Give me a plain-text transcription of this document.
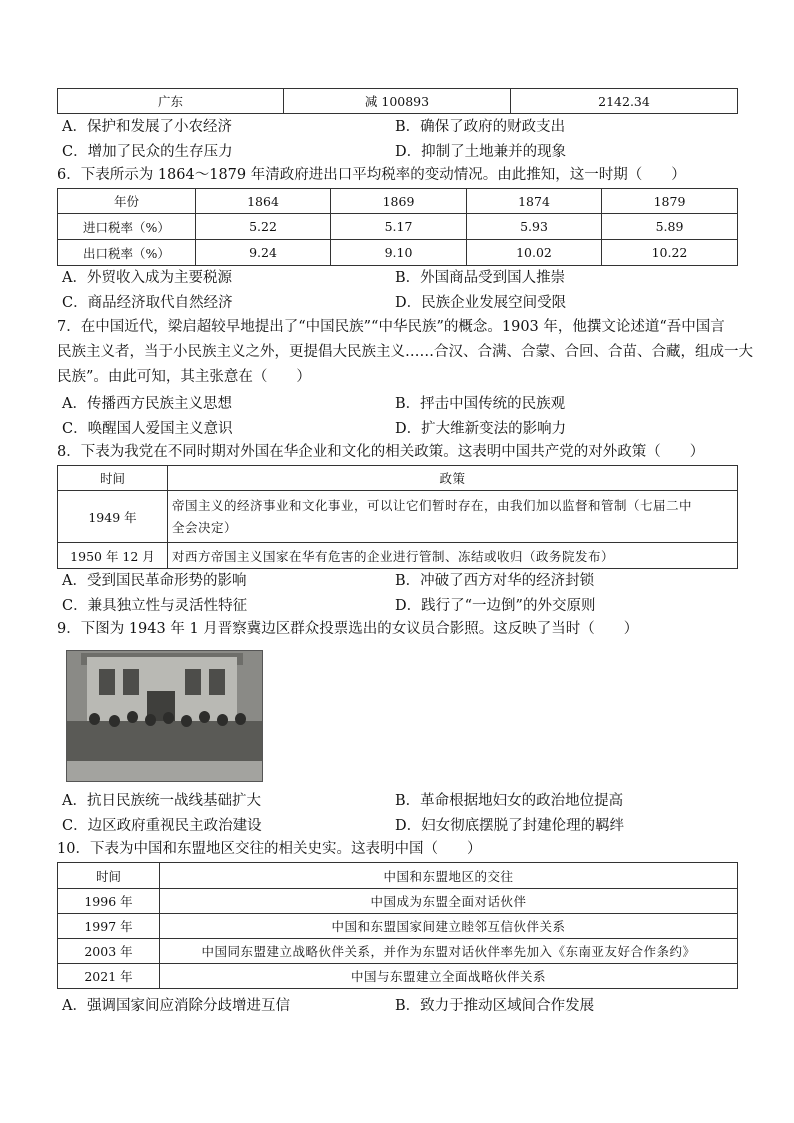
广东	减 100893	2142.34
A．保护和发展了小农经济	B．确保了政府的财政支出
C．增加了民众的生存压力	D．抑制了土地兼并的现象
6．下表所示为 1864～1879 年清政府进出口平均税率的变动情况。由此推知，这一时期（　　）
年份	1864	1869	1874	1879
进口税率（%）	5.22	5.17	5.93	5.89
出口税率（%）	9.24	9.10	10.02	10.22
A．外贸收入成为主要税源	B．外国商品受到国人推崇
C．商品经济取代自然经济	D．民族企业发展空间受限
7．在中国近代，梁启超较早地提出了“中国民族”“中华民族”的概念。1903 年，他撰文论述道“吾中国言
民族主义者，当于小民族主义之外，更提倡大民族主义……合汉、合满、合蒙、合回、合苗、合藏，组成一大
民族”。由此可知，其主张意在（　　）
A．传播西方民族主义思想	B．抨击中国传统的民族观
C．唤醒国人爱国主义意识	D．扩大维新变法的影响力
8．下表为我党在不同时期对外国在华企业和文化的相关政策。这表明中国共产党的对外政策（　　）
时间	政策
1949 年	帝国主义的经济事业和文化事业，可以让它们暂时存在，由我们加以监督和管制（七届二中
全会决定）

1950 年 12 月	对西方帝国主义国家在华有危害的企业进行管制、冻结或收归（政务院发布）
A．受到国民革命形势的影响	B．冲破了西方对华的经济封锁
C．兼具独立性与灵活性特征	D．践行了“一边倒”的外交原则
9．下图为 1943 年 1 月晋察冀边区群众投票选出的女议员合影照。这反映了当时（　　）
A．抗日民族统一战线基础扩大	B．革命根据地妇女的政治地位提高
C．边区政府重视民主政治建设	D．妇女彻底摆脱了封建伦理的羁绊
10．下表为中国和东盟地区交往的相关史实。这表明中国（　　）
时间	中国和东盟地区的交往
1996 年	中国成为东盟全面对话伙伴
1997 年	中国和东盟国家间建立睦邻互信伙伴关系
2003 年	中国同东盟建立战略伙伴关系，并作为东盟对话伙伴率先加入《东南亚友好合作条约》
2021 年	中国与东盟建立全面战略伙伴关系
A．强调国家间应消除分歧增进互信	B．致力于推动区域间合作发展
